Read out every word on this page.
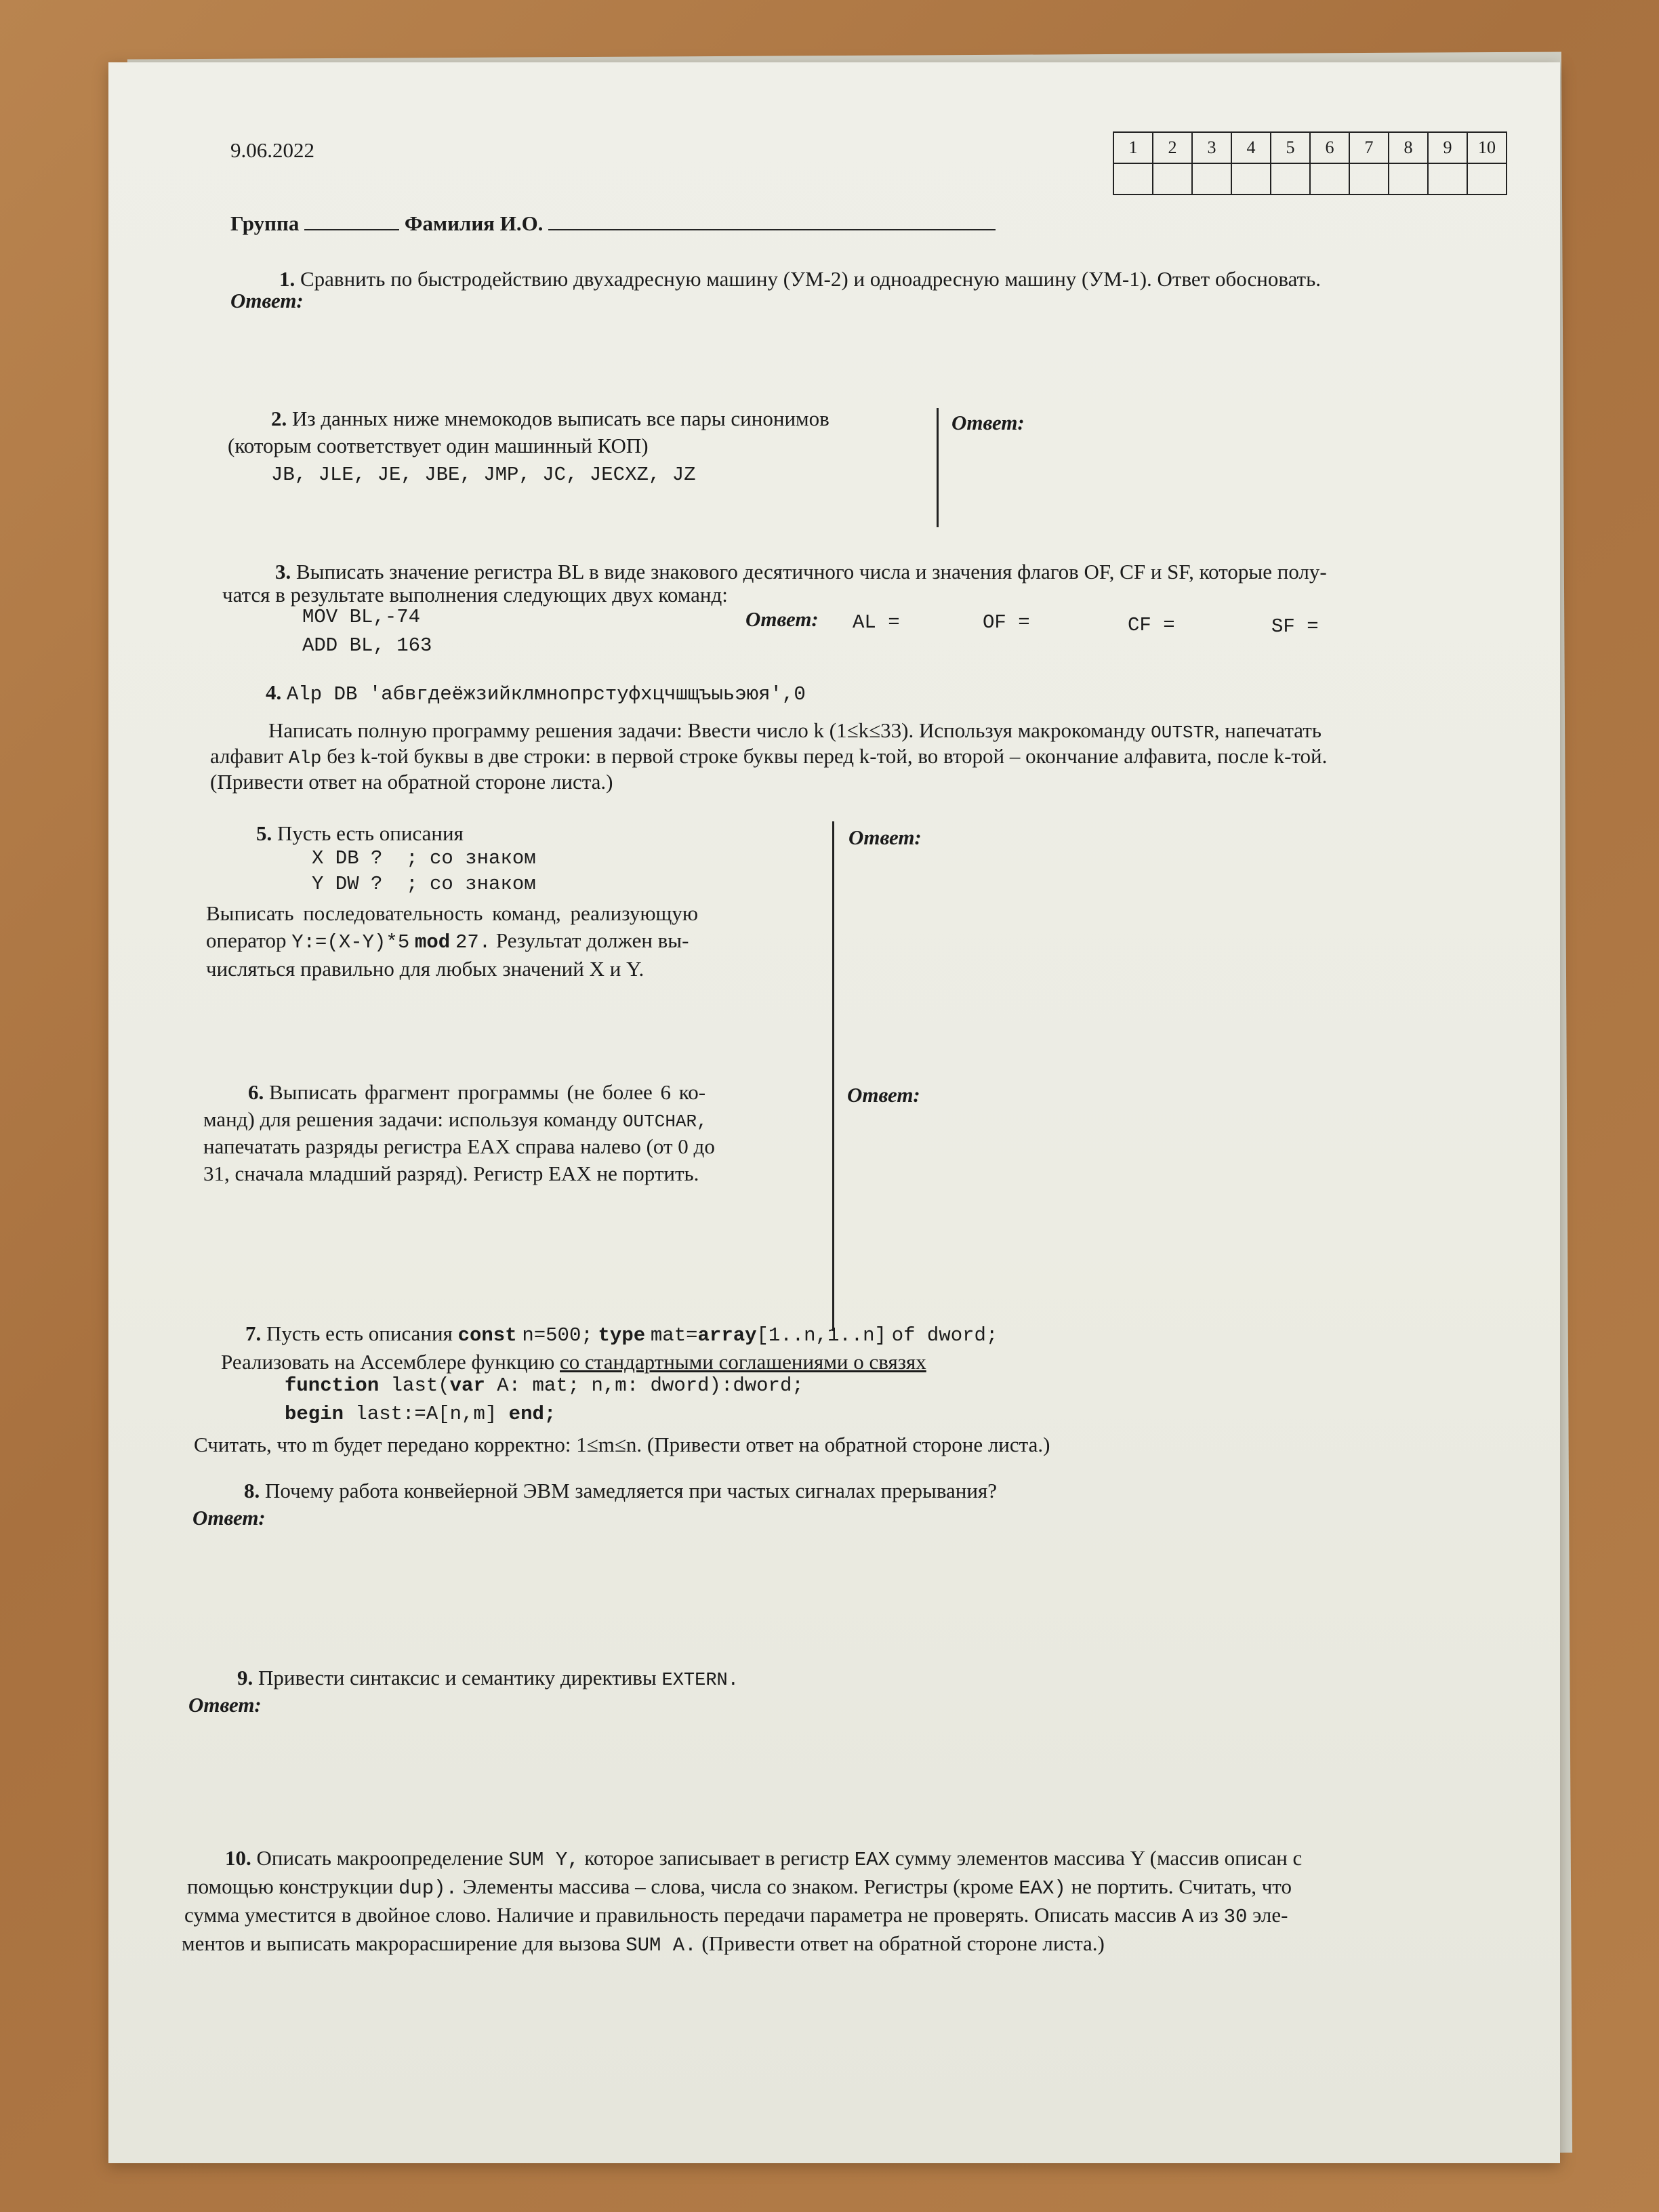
9.06.2022	1	2	3	4	5	6	7	8	9	10

Группа	Фамилия И.О.
1. Сравнить по быстродействию двухадресную машину (УМ-2) и одноадресную машину (УМ-1). Ответ обосновать.
Ответ:
2. Из данных ниже мнемокодов выписать все пары синонимов
(которым соответствует один машинный КОП)
JB, JLE, JE, JBE, JMP, JC, JECXZ, JZ
Ответ:
3. Выписать значение регистра BL в виде знакового десятичного числа и значения флагов OF, CF и SF, которые полу-
чатся в результате выполнения следующих двух команд:
MOV BL,-74
ADD BL, 163
Ответ: AL =	OF =	CF =	SF =
4. Alp DB 'абвгдеёжзийклмнопрстуфхцчшщъыьэюя',0
Написать полную программу решения задачи: Ввести число k (1≤k≤33). Используя макрокоманду OUTSTR, напечатать
алфавит Alp без k-той буквы в две строки: в первой строке буквы перед k-той, во второй – окончание алфавита, после k-той.
(Привести ответ на обратной стороне листа.)
5. Пусть есть описания
X DB ?  ; со знаком
Y DW ?  ; со знаком
Выписать последовательность команд, реализующую
оператор Y:=(X-Y)*5 mod 27. Результат должен вы-
числяться правильно для любых значений X и Y.
Ответ:
6. Выписать фрагмент программы (не более 6 ко-
манд) для решения задачи: используя команду OUTCHAR,
напечатать разряды регистра EAX справа налево (от 0 до
31, сначала младший разряд). Регистр EAX не портить.
Ответ:
7. Пусть есть описания const n=500; type mat=array[1..n,1..n] of dword;
Реализовать на Ассемблере функцию со стандартными соглашениями о связях
function last(var A: mat; n,m: dword):dword;
begin last:=A[n,m] end;
Считать, что m будет передано корректно: 1≤m≤n. (Привести ответ на обратной стороне листа.)
8. Почему работа конвейерной ЭВМ замедляется при частых сигналах прерывания?
Ответ:
9. Привести синтаксис и семантику директивы EXTERN.
Ответ:
10. Описать макроопределение SUM Y, которое записывает в регистр EAX сумму элементов массива Y (массив описан с
помощью конструкции dup). Элементы массива – слова, числа со знаком. Регистры (кроме EAX) не портить. Считать, что
сумма уместится в двойное слово. Наличие и правильность передачи параметра не проверять. Описать массив A из 30 эле-
ментов и выписать макрорасширение для вызова SUM A. (Привести ответ на обратной стороне листа.)
